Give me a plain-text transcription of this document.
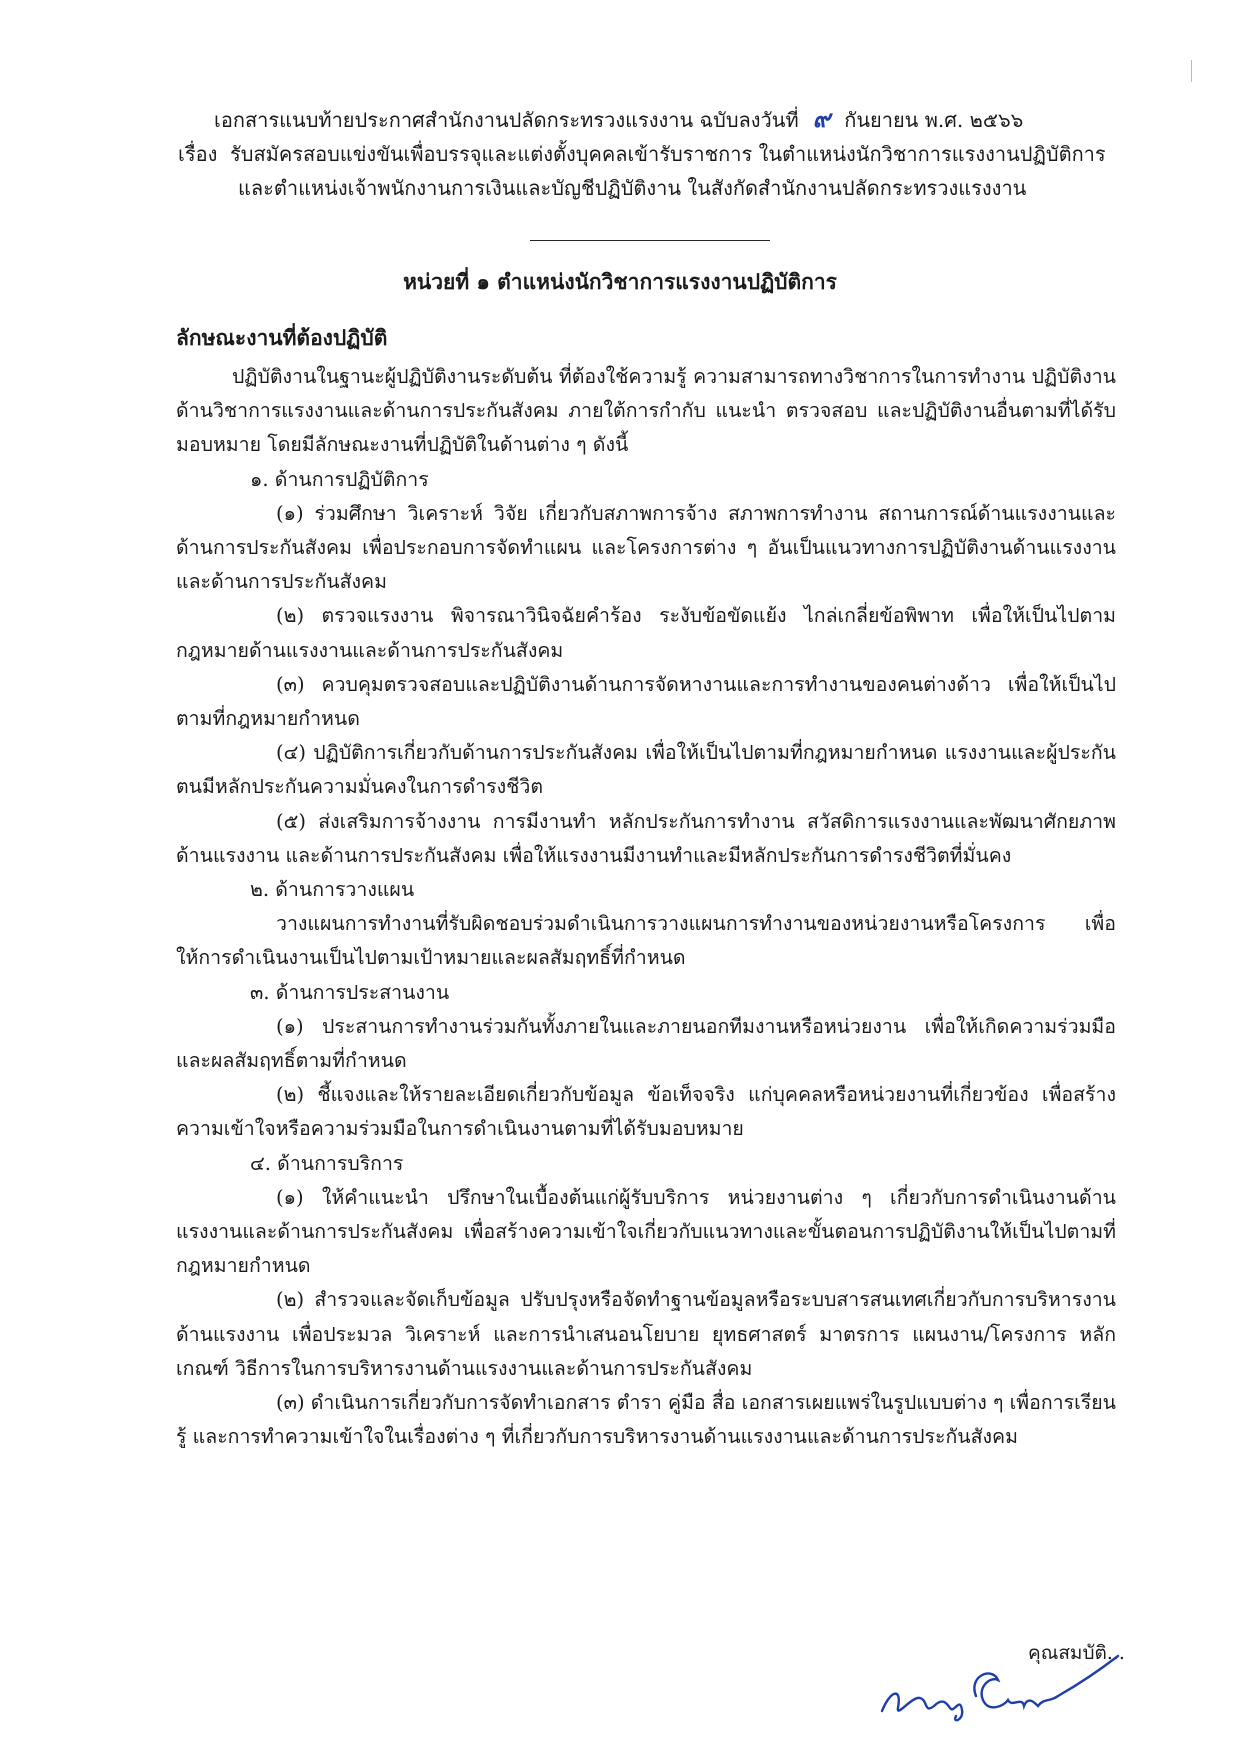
เอกสารแนบท้ายประกาศสำนักงานปลัดกระทรวงแรงงาน ฉบับลงวันที่ ๙ กันยายน พ.ศ. ๒๕๖๖
เรื่อง รับสมัครสอบแข่งขันเพื่อบรรจุและแต่งตั้งบุคคลเข้ารับราชการ ในตำแหน่งนักวิชาการแรงงานปฏิบัติการ
และตำแหน่งเจ้าพนักงานการเงินและบัญชีปฏิบัติงาน ในสังกัดสำนักงานปลัดกระทรวงแรงงาน
หน่วยที่ ๑ ตำแหน่งนักวิชาการแรงงานปฏิบัติการ
ลักษณะงานที่ต้องปฏิบัติ

ปฏิบัติงานในฐานะผู้ปฏิบัติงานระดับต้น ที่ต้องใช้ความรู้ ความสามารถทางวิชาการในการทำงาน ปฏิบัติงานด้านวิชาการแรงงานและด้านการประกันสังคม ภายใต้การกำกับ แนะนำ ตรวจสอบ และปฏิบัติงานอื่นตามที่ได้รับมอบหมาย โดยมีลักษณะงานที่ปฏิบัติในด้านต่าง ๆ ดังนี้

๑. ด้านการปฏิบัติการ

(๑) ร่วมศึกษา วิเคราะห์ วิจัย เกี่ยวกับสภาพการจ้าง สภาพการทำงาน สถานการณ์ด้านแรงงานและด้านการประกันสังคม เพื่อประกอบการจัดทำแผน และโครงการต่าง ๆ อันเป็นแนวทางการปฏิบัติงานด้านแรงงานและด้านการประกันสังคม

(๒) ตรวจแรงงาน พิจารณาวินิจฉัยคำร้อง ระงับข้อขัดแย้ง ไกล่เกลี่ยข้อพิพาท เพื่อให้เป็นไปตามกฎหมายด้านแรงงานและด้านการประกันสังคม

(๓) ควบคุมตรวจสอบและปฏิบัติงานด้านการจัดหางานและการทำงานของคนต่างด้าว เพื่อให้เป็นไปตามที่กฎหมายกำหนด

(๔) ปฏิบัติการเกี่ยวกับด้านการประกันสังคม เพื่อให้เป็นไปตามที่กฎหมายกำหนด แรงงานและผู้ประกันตนมีหลักประกันความมั่นคงในการดำรงชีวิต

(๕) ส่งเสริมการจ้างงาน การมีงานทำ หลักประกันการทำงาน สวัสดิการแรงงานและพัฒนาศักยภาพด้านแรงงาน และด้านการประกันสังคม เพื่อให้แรงงานมีงานทำและมีหลักประกันการดำรงชีวิตที่มั่นคง

๒. ด้านการวางแผน

วางแผนการทำงานที่รับผิดชอบร่วมดำเนินการวางแผนการทำงานของหน่วยงานหรือโครงการ เพื่อให้การดำเนินงานเป็นไปตามเป้าหมายและผลสัมฤทธิ์ที่กำหนด

๓. ด้านการประสานงาน

(๑) ประสานการทำงานร่วมกันทั้งภายในและภายนอกทีมงานหรือหน่วยงาน เพื่อให้เกิดความร่วมมือและผลสัมฤทธิ์ตามที่กำหนด

(๒) ชี้แจงและให้รายละเอียดเกี่ยวกับข้อมูล ข้อเท็จจริง แก่บุคคลหรือหน่วยงานที่เกี่ยวข้อง เพื่อสร้างความเข้าใจหรือความร่วมมือในการดำเนินงานตามที่ได้รับมอบหมาย

๔. ด้านการบริการ

(๑) ให้คำแนะนำ ปรึกษาในเบื้องต้นแก่ผู้รับบริการ หน่วยงานต่าง ๆ เกี่ยวกับการดำเนินงานด้านแรงงานและด้านการประกันสังคม เพื่อสร้างความเข้าใจเกี่ยวกับแนวทางและขั้นตอนการปฏิบัติงานให้เป็นไปตามที่กฎหมายกำหนด

(๒) สำรวจและจัดเก็บข้อมูล ปรับปรุงหรือจัดทำฐานข้อมูลหรือระบบสารสนเทศเกี่ยวกับการบริหารงานด้านแรงงาน เพื่อประมวล วิเคราะห์ และการนำเสนอนโยบาย ยุทธศาสตร์ มาตรการ แผนงาน/โครงการ หลักเกณฑ์ วิธีการในการบริหารงานด้านแรงงานและด้านการประกันสังคม

(๓) ดำเนินการเกี่ยวกับการจัดทำเอกสาร ตำรา คู่มือ สื่อ เอกสารเผยแพร่ในรูปแบบต่าง ๆ เพื่อการเรียนรู้ และการทำความเข้าใจในเรื่องต่าง ๆ ที่เกี่ยวกับการบริหารงานด้านแรงงานและด้านการประกันสังคม

คุณสมบัติ...
